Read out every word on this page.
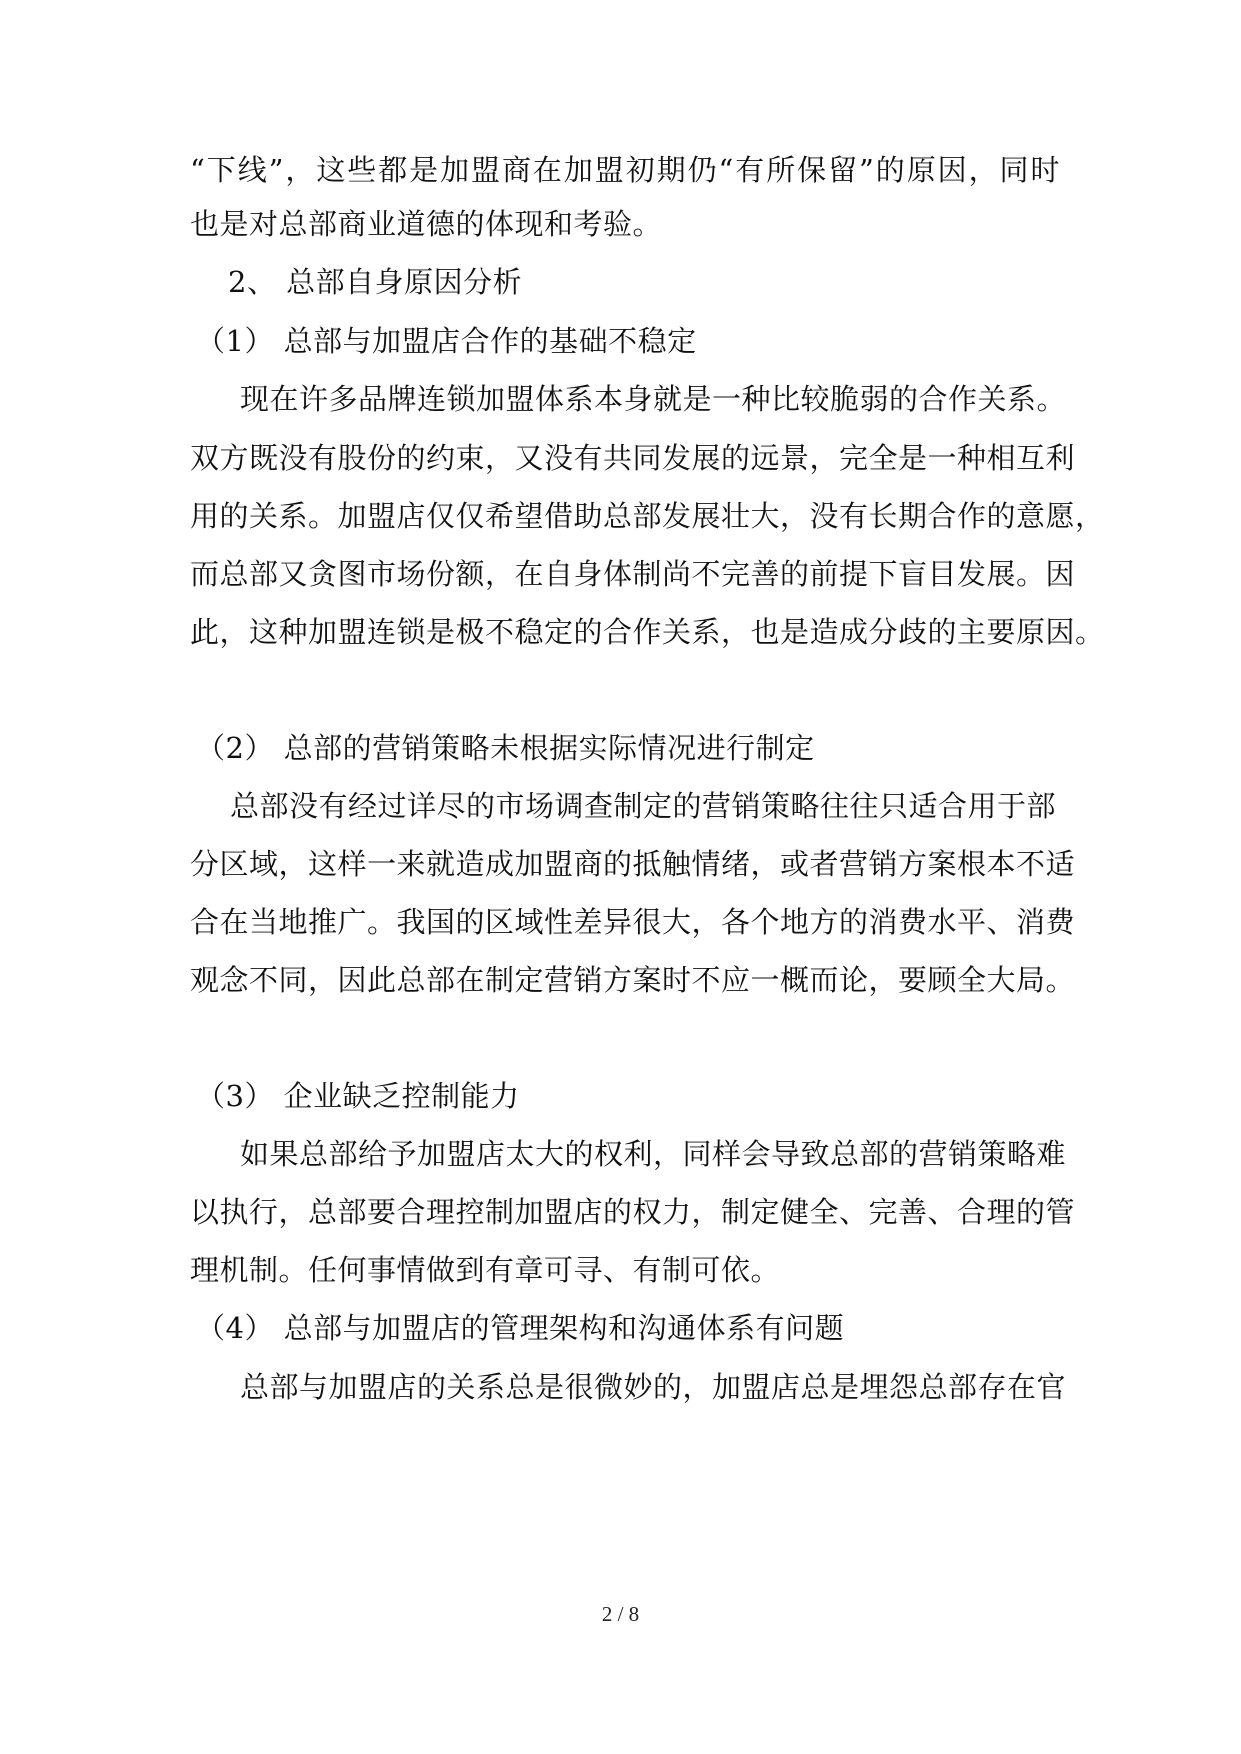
“下线”，这些都是加盟商在加盟初期仍“有所保留”的原因，同时
也是对总部商业道德的体现和考验。
2、 总部自身原因分析
（1） 总部与加盟店合作的基础不稳定
现在许多品牌连锁加盟体系本身就是一种比较脆弱的合作关系。
双方既没有股份的约束，又没有共同发展的远景，完全是一种相互利
用的关系。加盟店仅仅希望借助总部发展壮大，没有长期合作的意愿，
而总部又贪图市场份额，在自身体制尚不完善的前提下盲目发展。因
此，这种加盟连锁是极不稳定的合作关系，也是造成分歧的主要原因。
（2） 总部的营销策略未根据实际情况进行制定
总部没有经过详尽的市场调查制定的营销策略往往只适合用于部
分区域，这样一来就造成加盟商的抵触情绪，或者营销方案根本不适
合在当地推广。我国的区域性差异很大，各个地方的消费水平、消费
观念不同，因此总部在制定营销方案时不应一概而论，要顾全大局。
（3） 企业缺乏控制能力
如果总部给予加盟店太大的权利，同样会导致总部的营销策略难
以执行，总部要合理控制加盟店的权力，制定健全、完善、合理的管
理机制。任何事情做到有章可寻、有制可依。
（4） 总部与加盟店的管理架构和沟通体系有问题
总部与加盟店的关系总是很微妙的，加盟店总是埋怨总部存在官
2 / 8
